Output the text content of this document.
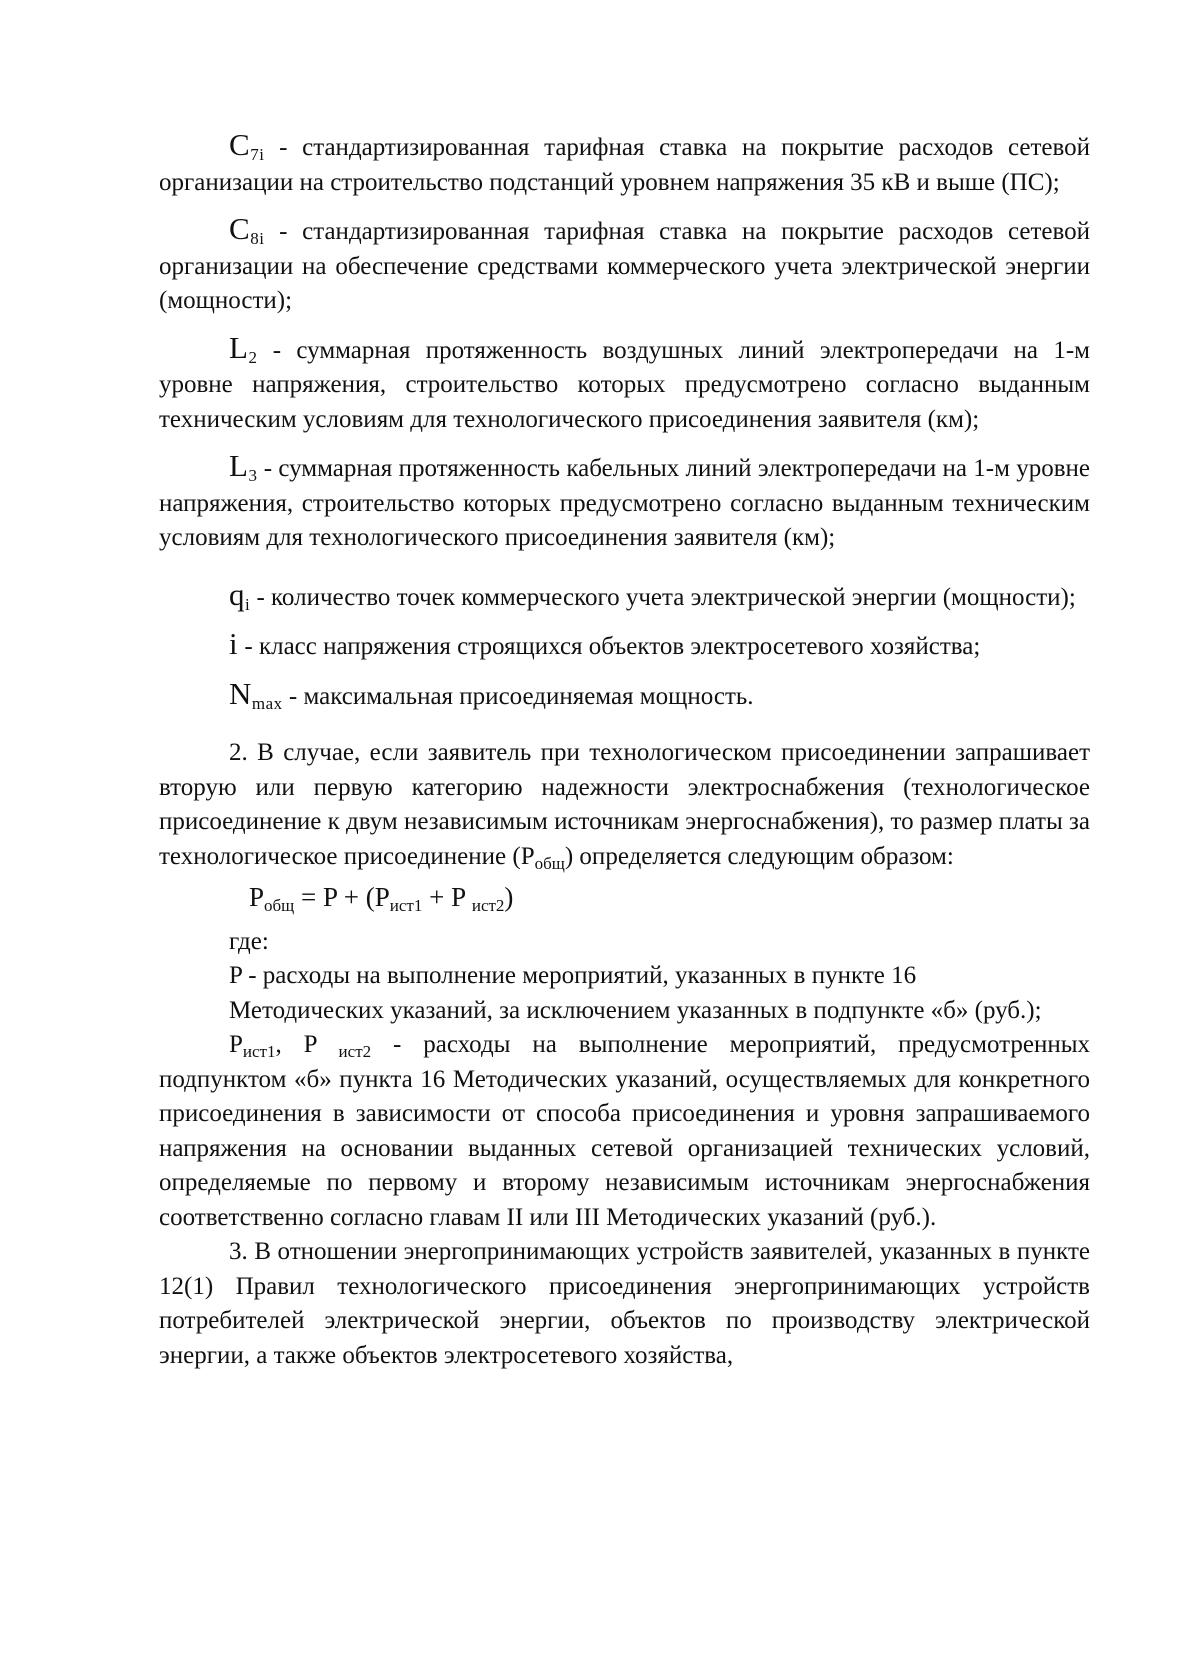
$C_{7i}$ - стандартизированная тарифная ставка на покрытие расходов сетевой организации на строительство подстанций уровнем напряжения 35 кВ и выше (ПС);

$C_{8i}$ - стандартизированная тарифная ставка на покрытие расходов сетевой организации на обеспечение средствами коммерческого учета электрической энергии (мощности);

$L_2$ - суммарная протяженность воздушных линий электропередачи на 1-м уровне напряжения, строительство которых предусмотрено согласно выданным техническим условиям для технологического присоединения заявителя (км);

$L_3$ - суммарная протяженность кабельных линий электропередачи на 1-м уровне напряжения, строительство которых предусмотрено согласно выданным техническим условиям для технологического присоединения заявителя (км);

$q_i$ - количество точек коммерческого учета электрической энергии (мощности);

i - класс напряжения строящихся объектов электросетевого хозяйства;

$N_{max}$ - максимальная присоединяемая мощность.

2. В случае, если заявитель при технологическом присоединении запрашивает вторую или первую категорию надежности электроснабжения (технологическое присоединение к двум независимым источникам энергоснабжения), то размер платы за технологическое присоединение $(P_{общ})$ определяется следующим образом:

$P_{общ} = P + (P_{ист1} + P$ $_{ист2}$)

где:

P - расходы на выполнение мероприятий, указанных в пункте 16

Методических указаний, за исключением указанных в подпункте «б» (руб.);

$P_{ист1}$, P $_{ист2}$ - расходы на выполнение мероприятий, предусмотренных подпунктом «б» пункта 16 Методических указаний, осуществляемых для конкретного присоединения в зависимости от способа присоединения и уровня запрашиваемого напряжения на основании выданных сетевой организацией технических условий, определяемые по первому и второму независимым источникам энергоснабжения соответственно согласно главам II или III Методических указаний (руб.).

3. В отношении энергопринимающих устройств заявителей, указанных в пункте 12(1) Правил технологического присоединения энергопринимающих устройств потребителей электрической энергии, объектов по производству электрической энергии, а также объектов электросетевого хозяйства,
